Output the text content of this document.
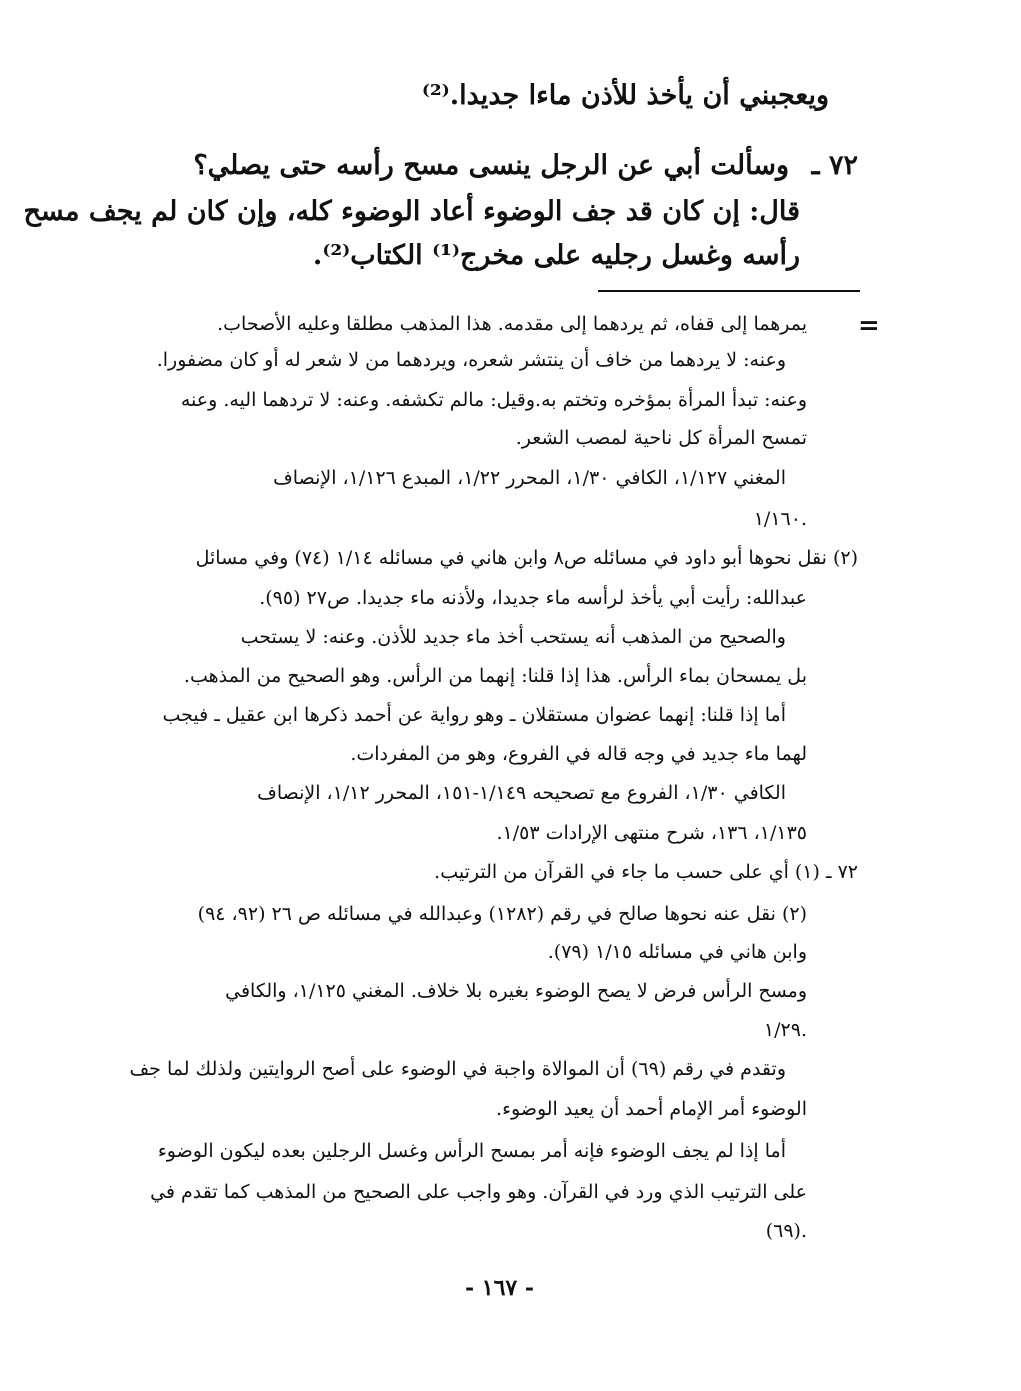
ويعجبني أن يأخذ للأذن ماءا جديدا.⁽²⁾
٧٢ ـ
وسألت أبي عن الرجل ينسى مسح رأسه حتى يصلي؟
قال: إن كان قد جف الوضوء أعاد الوضوء كله، وإن كان لم يجف مسح
رأسه وغسل رجليه على مخرج⁽¹⁾ الكتاب⁽²⁾.
=
يمرهما إلى قفاه، ثم يردهما إلى مقدمه. هذا المذهب مطلقا وعليه الأصحاب.
وعنه: لا يردهما من خاف أن ينتشر شعره، ويردهما من لا شعر له أو كان مضفورا.
وعنه: تبدأ المرأة بمؤخره وتختم به.وقيل: مالم تكشفه. وعنه: لا تردهما اليه. وعنه
تمسح المرأة كل ناحية لمصب الشعر.
المغني ١/١٢٧، الكافي ١/٣٠، المحرر ١/٢٢، المبدع ١/١٢٦، الإنصاف
١/١٦٠.
(٢) نقل نحوها أبو داود في مسائله ص٨ وابن هاني في مسائله ١/١٤ (٧٤) وفي مسائل
عبدالله: رأيت أبي يأخذ لرأسه ماء جديدا، ولأذنه ماء جديدا. ص٢٧ (٩٥).
والصحيح من المذهب أنه يستحب أخذ ماء جديد للأذن. وعنه: لا يستحب
بل يمسحان بماء الرأس. هذا إذا قلنا: إنهما من الرأس. وهو الصحيح من المذهب.
أما إذا قلنا: إنهما عضوان مستقلان ـ وهو رواية عن أحمد ذكرها ابن عقيل ـ فيجب
لهما ماء جديد في وجه قاله في الفروع، وهو من المفردات.
الكافي ١/٣٠، الفروع مع تصحيحه ١/١٤٩-١٥١، المحرر ١/١٢، الإنصاف
١/١٣٥، ١٣٦، شرح منتهى الإرادات ١/٥٣.
٧٢ ـ (١) أي على حسب ما جاء في القرآن من الترتيب.
(٢) نقل عنه نحوها صالح في رقم (١٢٨٢) وعبدالله في مسائله ص ٢٦ (٩٢، ٩٤)
وابن هاني في مسائله ١/١٥ (٧٩).
ومسح الرأس فرض لا يصح الوضوء بغيره بلا خلاف. المغني ١/١٢٥، والكافي
١/٢٩.
وتقدم في رقم (٦٩) أن الموالاة واجبة في الوضوء على أصح الروايتين ولذلك لما جف
الوضوء أمر الإمام أحمد أن يعيد الوضوء.
أما إذا لم يجف الوضوء فإنه أمر بمسح الرأس وغسل الرجلين بعده ليكون الوضوء
على الترتيب الذي ورد في القرآن. وهو واجب على الصحيح من المذهب كما تقدم في
(٦٩).
- ١٦٧ -
